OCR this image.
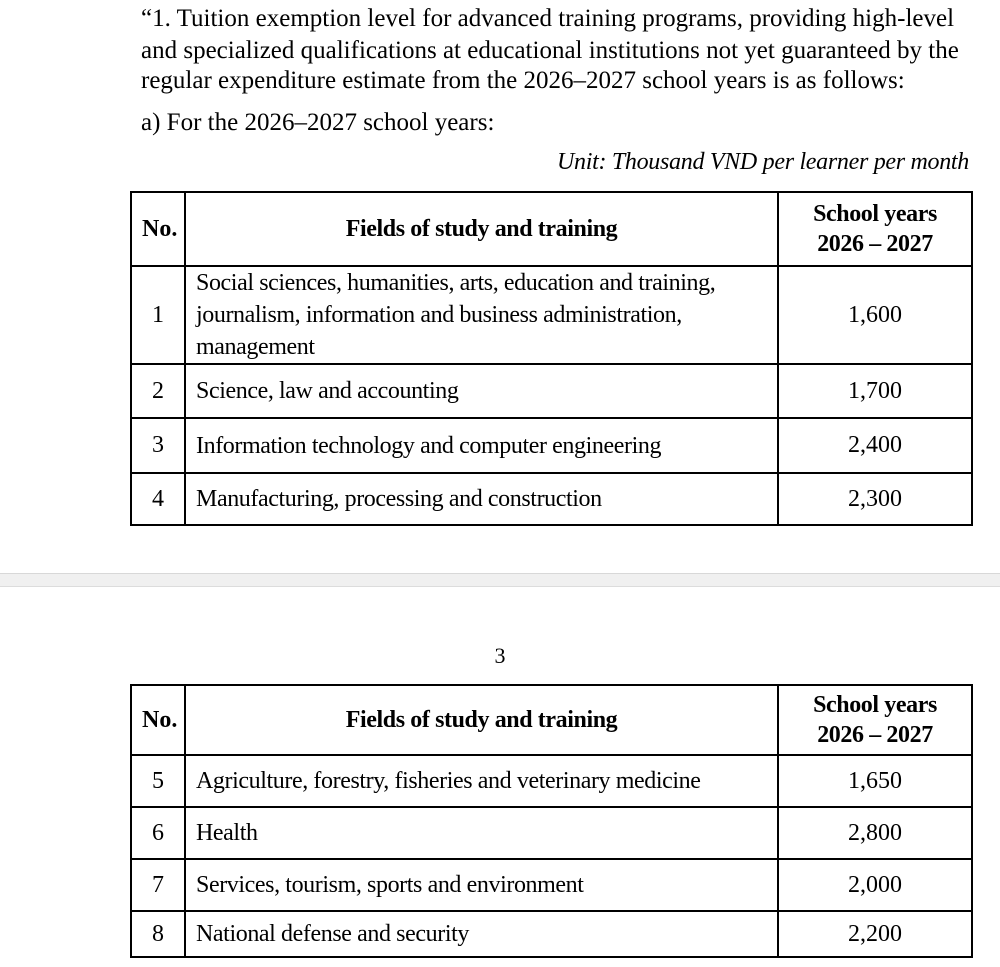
“1. Tuition exemption level for advanced training programs, providing high-level
and specialized qualifications at educational institutions not yet guaranteed by the
regular expenditure estimate from the 2026–2027 school years is as follows:
a) For the 2026–2027 school years:
Unit: Thousand VND per learner per month
No.	Fields of study and training	School years
2026 – 2027

1	Social sciences, humanities, arts, education and training,
journalism, information and business administration, management	1,600
2	Science, law and accounting	1,700
3	Information technology and computer engineering	2,400
4	Manufacturing, processing and construction	2,300
3
No.	Fields of study and training	School years
2026 – 2027

5	Agriculture, forestry, fisheries and veterinary medicine	1,650
6	Health	2,800
7	Services, tourism, sports and environment	2,000
8	National defense and security	2,200
